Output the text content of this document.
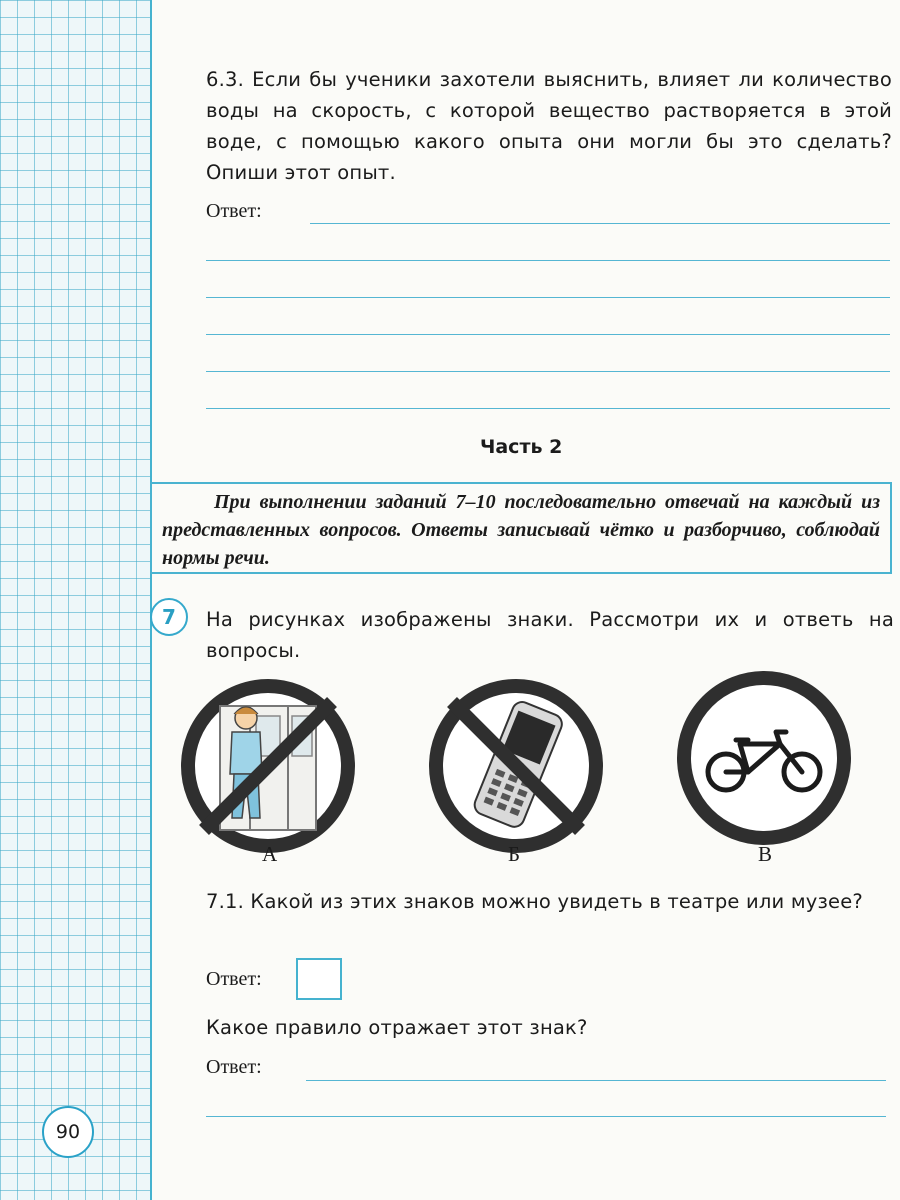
6.3. Если бы ученики захотели выяснить, влияет ли количество воды на скорость, с которой вещество растворяется в этой воде, с помощью какого опыта они могли бы это сделать? Опиши этот опыт.
Ответ:
Часть 2
При выполнении заданий 7–10 последовательно отвечай на каждый из представленных вопросов. Ответы записывай чётко и разборчиво, соблюдай нормы речи.
7	На рисунках изображены знаки. Рассмотри их и ответь на вопросы.
А	Б	В
7.1. Какой из этих знаков можно увидеть в театре или музее?
Ответ:
Какое правило отражает этот знак?
Ответ:
90
